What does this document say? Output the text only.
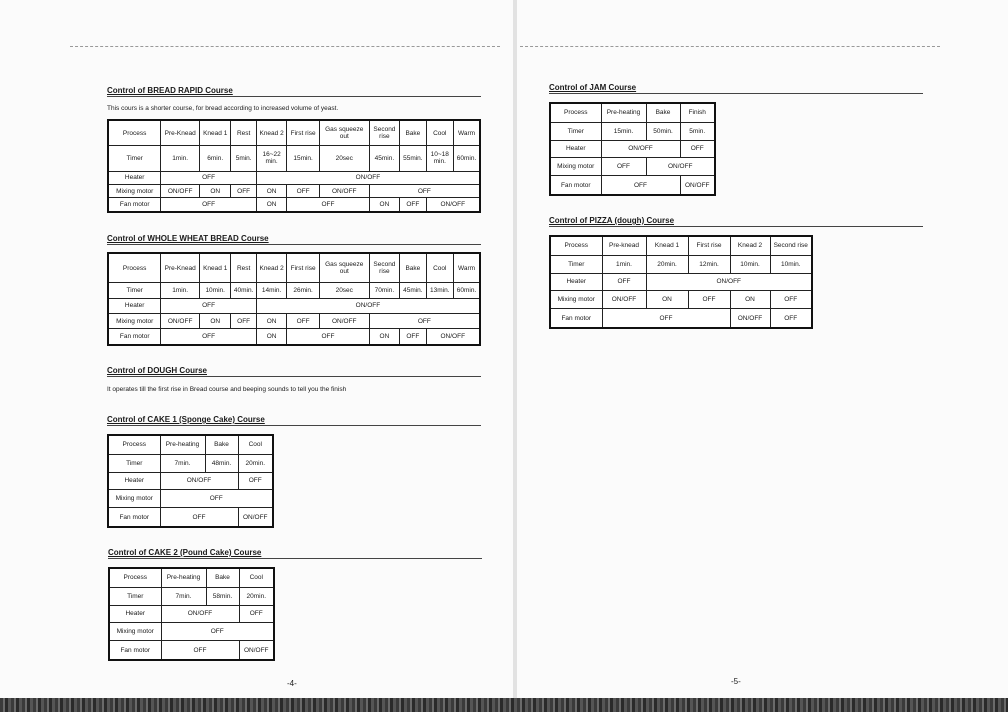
Control of BREAD RAPID Course
This cours is a shorter course, for bread according to increased volume of yeast.
Process	Pre-Knead	Knead 1	Rest	Knead 2	First rise	Gas squeeze out	Second rise	Bake	Cool	Warm
Timer	1min.	6min.	5min.	16~22 min.	15min.	20sec	45min.	55min.	10~18 min.	60min.
Heater	OFF			ON/OFF						
Mixing motor	ON/OFF	ON	OFF	ON	OFF	ON/OFF	OFF			
Fan motor	OFF			ON	OFF		ON	OFF	ON/OFF	
Control of WHOLE WHEAT BREAD Course
Process	Pre-Knead	Knead 1	Rest	Knead 2	First rise	Gas squeeze out	Second rise	Bake	Cool	Warm
Timer	1min.	10min.	40min.	14min.	26min.	20sec	70min.	45min.	13min.	60min.
Heater	OFF			ON/OFF						
Mixing motor	ON/OFF	ON	OFF	ON	OFF	ON/OFF	OFF			
Fan motor	OFF			ON	OFF		ON	OFF	ON/OFF	
Control of DOUGH Course
It operates till the first rise in Bread course and beeping sounds to tell you the finish
Control of CAKE 1 (Sponge Cake) Course
Process	Pre-heating	Bake	Cool
Timer	7min.	48min.	20min.
Heater	ON/OFF		OFF
Mixing motor	OFF		
Fan motor	OFF		ON/OFF
Control of CAKE 2 (Pound Cake) Course
Process	Pre-heating	Bake	Cool
Timer	7min.	58min.	20min.
Heater	ON/OFF		OFF
Mixing motor	OFF		
Fan motor	OFF		ON/OFF
-4-
Control of JAM Course
Process	Pre-heating	Bake	Finish
Timer	15min.	50min.	5min.
Heater	ON/OFF		OFF
Mixing motor	OFF	ON/OFF	
Fan motor	OFF		ON/OFF
Control of PIZZA (dough) Course
Process	Pre-knead	Knead 1	First rise	Knead 2	Second rise
Timer	1min.	20min.	12min.	10min.	10min.
Heater	OFF	ON/OFF			
Mixing motor	ON/OFF	ON	OFF	ON	OFF
Fan motor	OFF			ON/OFF	OFF
-5-
